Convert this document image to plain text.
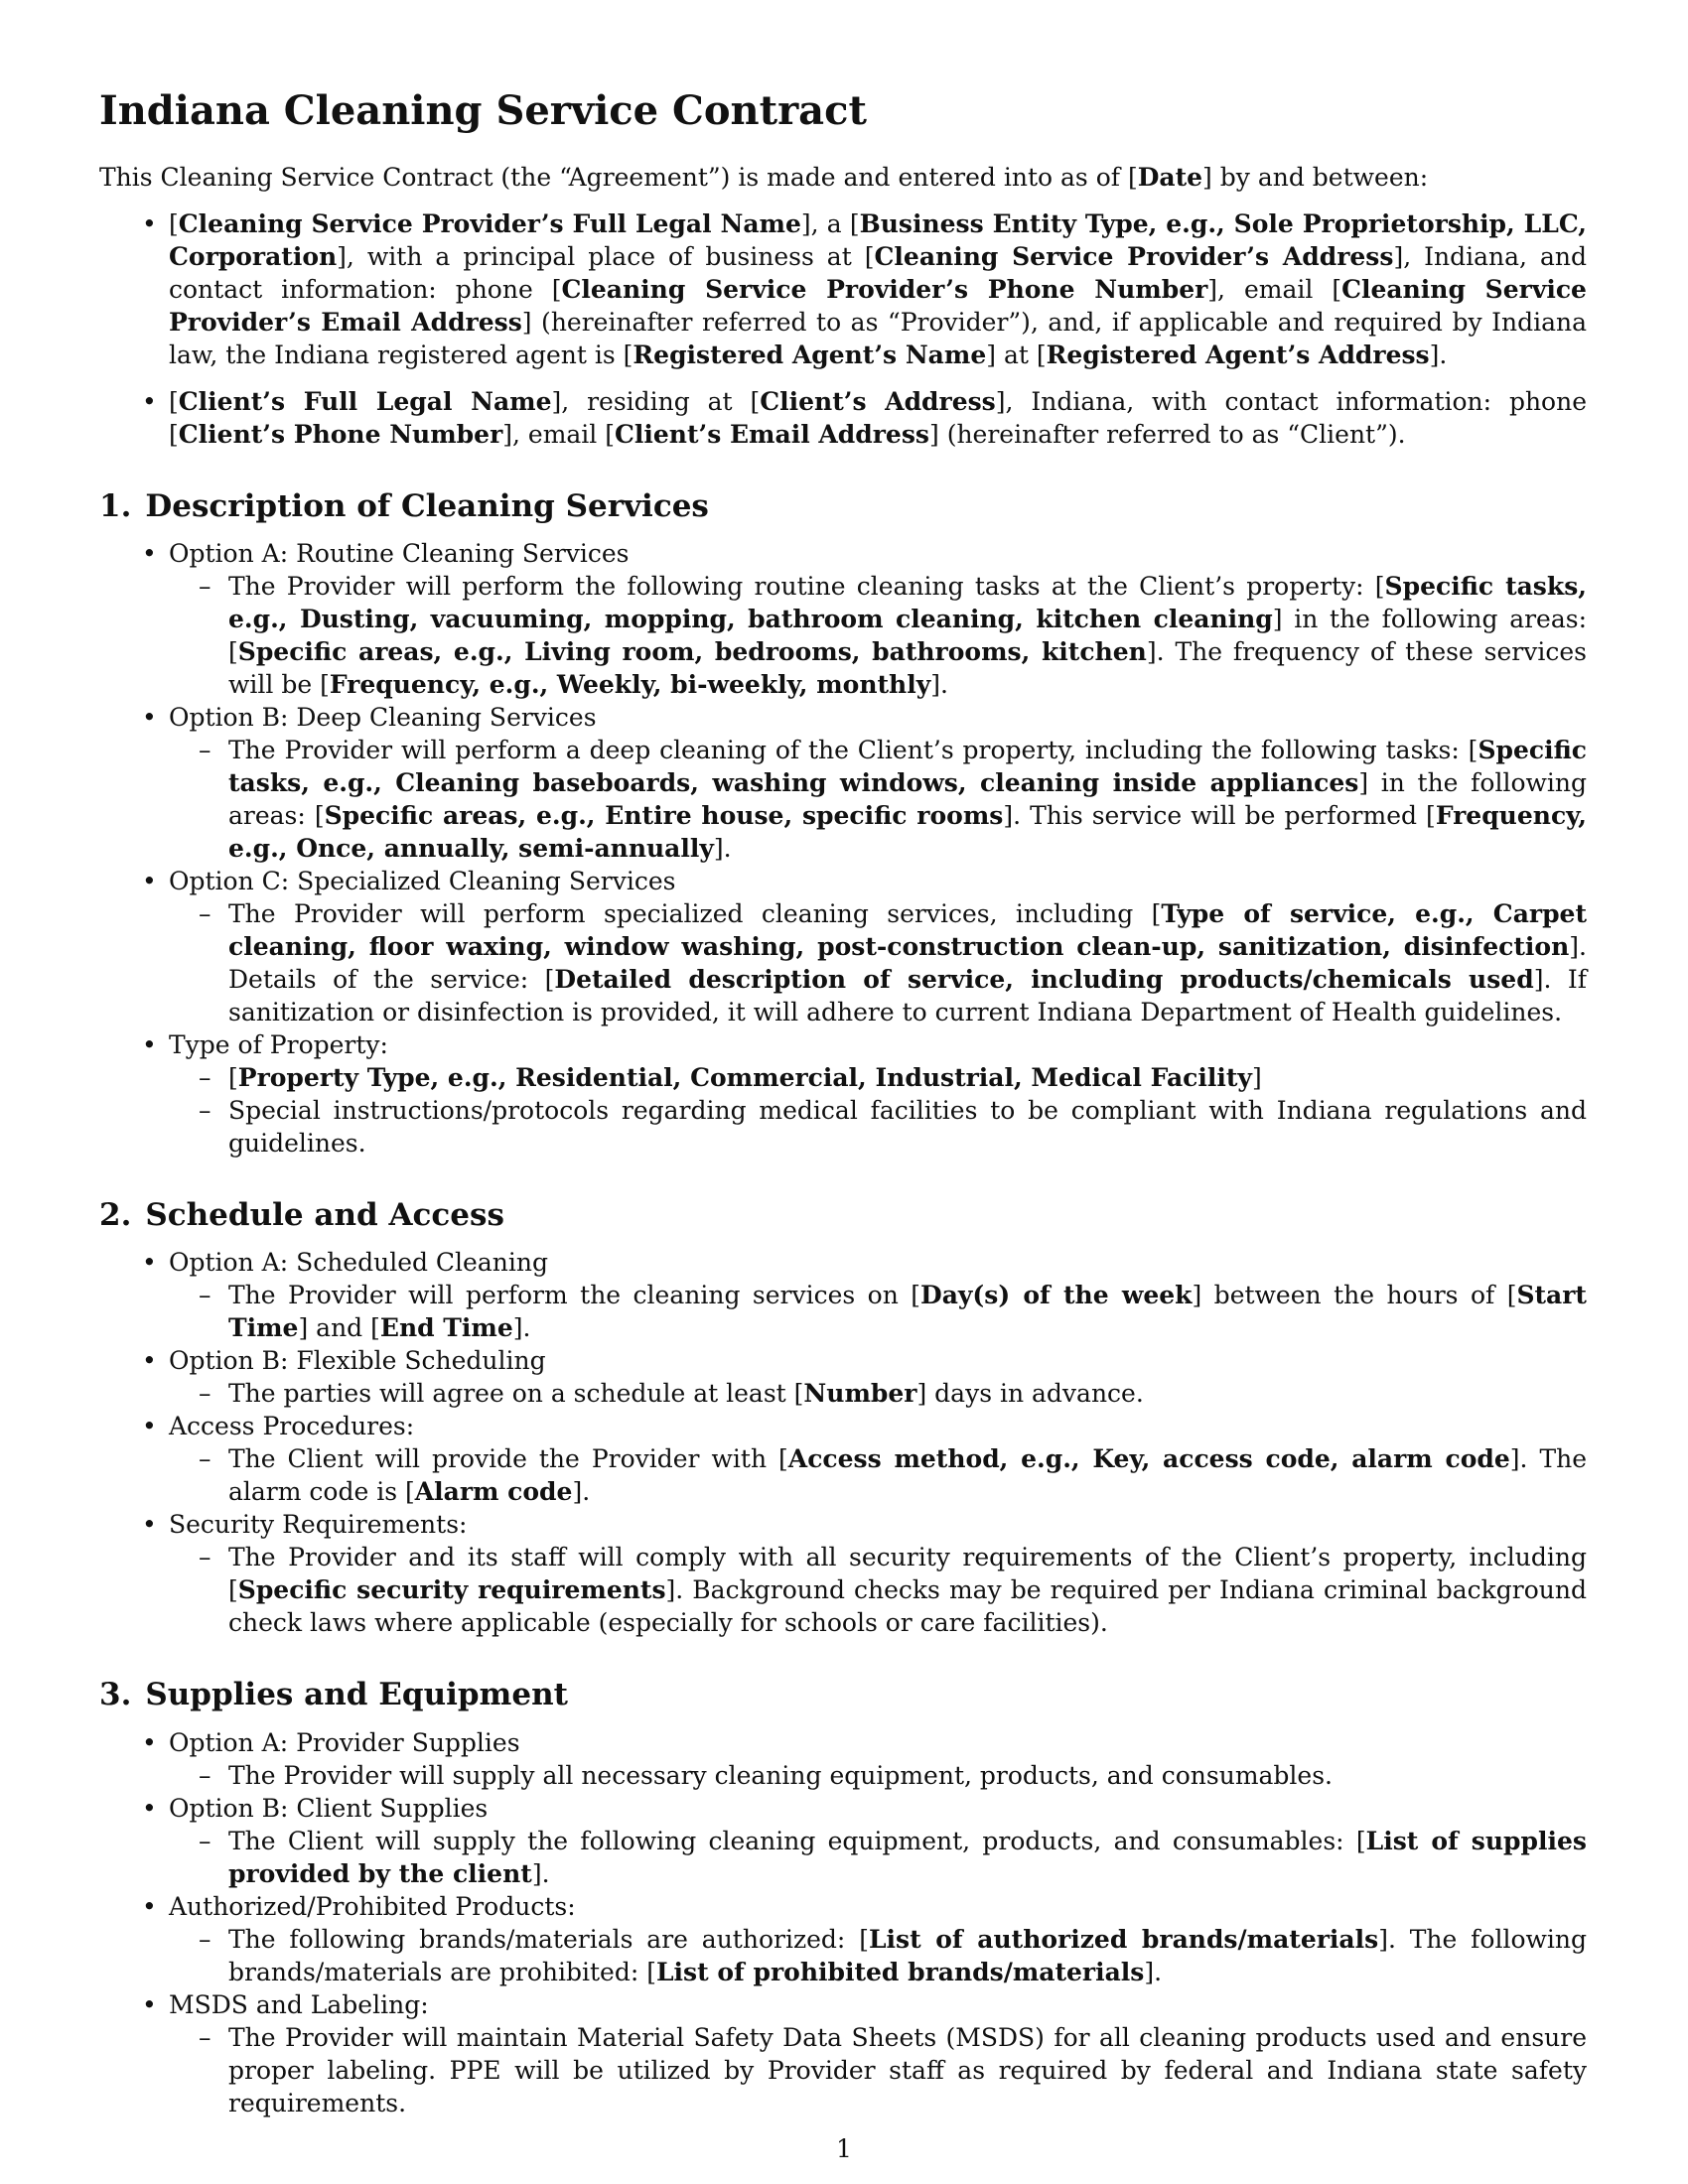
Indiana Cleaning Service Contract

This Cleaning Service Contract (the “Agreement”) is made and entered into as of [Date] by and between:

• [Cleaning Service Provider’s Full Legal Name], a [Business Entity Type, e.g., Sole Proprietorship, LLC, Corporation], with a principal place of business at [Cleaning Service Provider’s Address], Indiana, and contact information: phone [Cleaning Service Provider’s Phone Number], email [Cleaning Service Provider’s Email Address] (hereinafter referred to as “Provider”), and, if applicable and required by Indiana law, the Indiana registered agent is [Registered Agent’s Name] at [Registered Agent’s Address].
• [Client’s Full Legal Name], residing at [Client’s Address], Indiana, with contact information: phone [Client’s Phone Number], email [Client’s Email Address] (hereinafter referred to as “Client”).
1. Description of Cleaning Services
• Option A: Routine Cleaning Services
– The Provider will perform the following routine cleaning tasks at the Client’s property: [Specific tasks, e.g., Dusting, vacuuming, mopping, bathroom cleaning, kitchen cleaning] in the following areas: [Specific areas, e.g., Living room, bedrooms, bathrooms, kitchen]. The frequency of these services will be [Frequency, e.g., Weekly, bi-weekly, monthly].
• Option B: Deep Cleaning Services
– The Provider will perform a deep cleaning of the Client’s property, including the following tasks: [Specific tasks, e.g., Cleaning baseboards, washing windows, cleaning inside appliances] in the following areas: [Specific areas, e.g., Entire house, specific rooms]. This service will be performed [Frequency, e.g., Once, annually, semi-annually].
• Option C: Specialized Cleaning Services
– The Provider will perform specialized cleaning services, including [Type of service, e.g., Carpet cleaning, floor waxing, window washing, post-construction clean-up, sanitization, disinfection]. Details of the service: [Detailed description of service, including products/chemicals used]. If sanitization or disinfection is provided, it will adhere to current Indiana Department of Health guidelines.
• Type of Property:
– [Property Type, e.g., Residential, Commercial, Industrial, Medical Facility]
– Special instructions/protocols regarding medical facilities to be compliant with Indiana regulations and guidelines.
2. Schedule and Access
• Option A: Scheduled Cleaning
– The Provider will perform the cleaning services on [Day(s) of the week] between the hours of [Start Time] and [End Time].
• Option B: Flexible Scheduling
– The parties will agree on a schedule at least [Number] days in advance.
• Access Procedures:
– The Client will provide the Provider with [Access method, e.g., Key, access code, alarm code]. The alarm code is [Alarm code].
• Security Requirements:
– The Provider and its staff will comply with all security requirements of the Client’s property, including [Specific security requirements]. Background checks may be required per Indiana criminal background check laws where applicable (especially for schools or care facilities).
3. Supplies and Equipment
• Option A: Provider Supplies
– The Provider will supply all necessary cleaning equipment, products, and consumables.
• Option B: Client Supplies
– The Client will supply the following cleaning equipment, products, and consumables: [List of supplies provided by the client].
• Authorized/Prohibited Products:
– The following brands/materials are authorized: [List of authorized brands/materials]. The following brands/materials are prohibited: [List of prohibited brands/materials].
• MSDS and Labeling:
– The Provider will maintain Material Safety Data Sheets (MSDS) for all cleaning products used and ensure proper labeling. PPE will be utilized by Provider staff as required by federal and Indiana state safety requirements.
1
